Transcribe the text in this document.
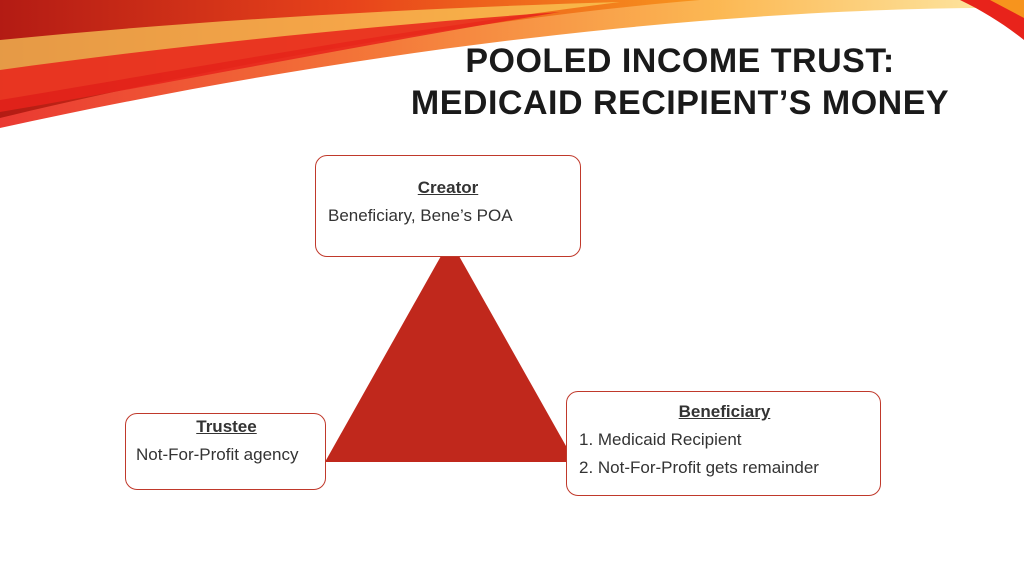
POOLED INCOME TRUST:
MEDICAID RECIPIENT’S MONEY
Creator
Beneficiary, Bene’s POA
Beneficiary
1. Medicaid Recipient
2. Not-For-Profit gets remainder
Trustee
Not-For-Profit agency
